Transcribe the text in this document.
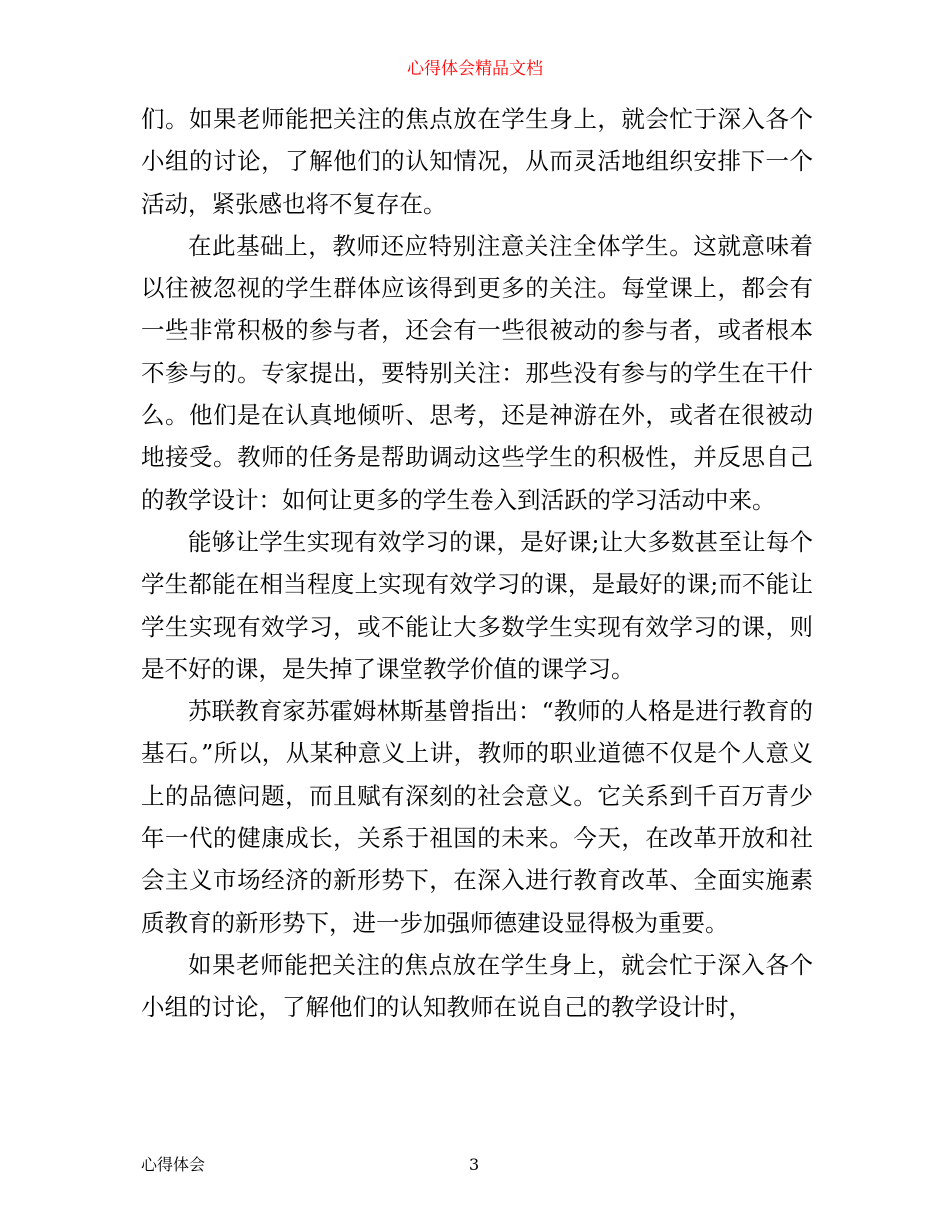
心得体会精品文档

们。如果老师能把关注的焦点放在学生身上，就会忙于深入各个小组的讨论，了解他们的认知情况，从而灵活地组织安排下一个活动，紧张感也将不复存在。

在此基础上，教师还应特别注意关注全体学生。这就意味着以往被忽视的学生群体应该得到更多的关注。每堂课上，都会有一些非常积极的参与者，还会有一些很被动的参与者，或者根本不参与的。专家提出，要特别关注：那些没有参与的学生在干什么。他们是在认真地倾听、思考，还是神游在外，或者在很被动地接受。教师的任务是帮助调动这些学生的积极性，并反思自己的教学设计：如何让更多的学生卷入到活跃的学习活动中来。

能够让学生实现有效学习的课，是好课;让大多数甚至让每个学生都能在相当程度上实现有效学习的课，是最好的课;而不能让学生实现有效学习，或不能让大多数学生实现有效学习的课，则是不好的课，是失掉了课堂教学价值的课学习。

苏联教育家苏霍姆林斯基曾指出：“教师的人格是进行教育的基石。”所以，从某种意义上讲，教师的职业道德不仅是个人意义上的品德问题，而且赋有深刻的社会意义。它关系到千百万青少年一代的健康成长，关系于祖国的未来。今天，在改革开放和社会主义市场经济的新形势下，在深入进行教育改革、全面实施素质教育的新形势下，进一步加强师德建设显得极为重要。

如果老师能把关注的焦点放在学生身上，就会忙于深入各个小组的讨论，了解他们的认知教师在说自己的教学设计时，

心得体会	3
